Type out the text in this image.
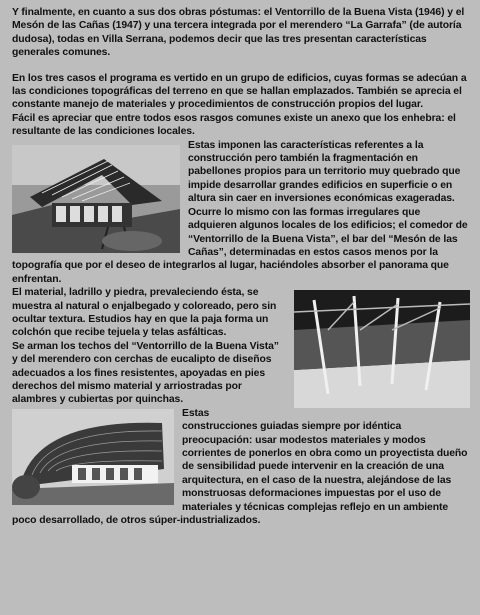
Y finalmente, en cuanto a sus dos obras póstumas: el Ventorrillo de la Buena Vista (1946) y el Mesón de las Cañas (1947) y una tercera integrada por el merendero “La Garrafa” (de autoría dudosa), todas en Villa Serrana, podemos decir que las tres presentan características generales comunes.

En los tres casos el programa es vertido en un grupo de edificios, cuyas formas se adecúan a las condiciones topográficas del terreno en que se hallan emplazados. También se aprecia el constante manejo de materiales y procedimientos de construcción propios del lugar.

Fácil es apreciar que entre todos esos rasgos comunes existe un anexo que los enhebra: el resultante de las condiciones locales.

Estas imponen las características referentes a la construcción pero también la fragmentación en pabellones propios para un territorio muy quebrado que impide desarrollar grandes edificios en superficie o en altura sin caer en inversiones económicas exageradas. Ocurre lo mismo con las formas irregulares que adquieren algunos locales de los edificios; el comedor de “Ventorrillo de la Buena Vista”, el bar del “Mesón de las Cañas”, determinadas en estos casos menos por la topografía que por el deseo de integrarlos al lugar, haciéndoles absorber el panorama que enfrentan.

El material, ladrillo y piedra, prevaleciendo ésta, se muestra al natural o enjalbegado y coloreado, pero sin ocultar textura. Estudios hay en que la paja forma un colchón que recibe tejuela y telas asfálticas.

Se arman los techos del “Ventorrillo de la Buena Vista” y del merendero con cerchas de eucalipto de diseños adecuados a los fines resistentes, apoyadas en pies derechos del mismo material y arriostradas por alambres y cubiertas por quinchas.

Estas construcciones guiadas siempre por idéntica preocupación: usar modestos materiales y modos corrientes de ponerlos en obra como un proyectista dueño de sensibilidad puede intervenir en la creación de una arquitectura, en el caso de la nuestra, alejándose de las monstruosas deformaciones impuestas por el uso de materiales y técnicas complejas reflejo en un ambiente poco desarrollado, de otros súper-industrializados.
